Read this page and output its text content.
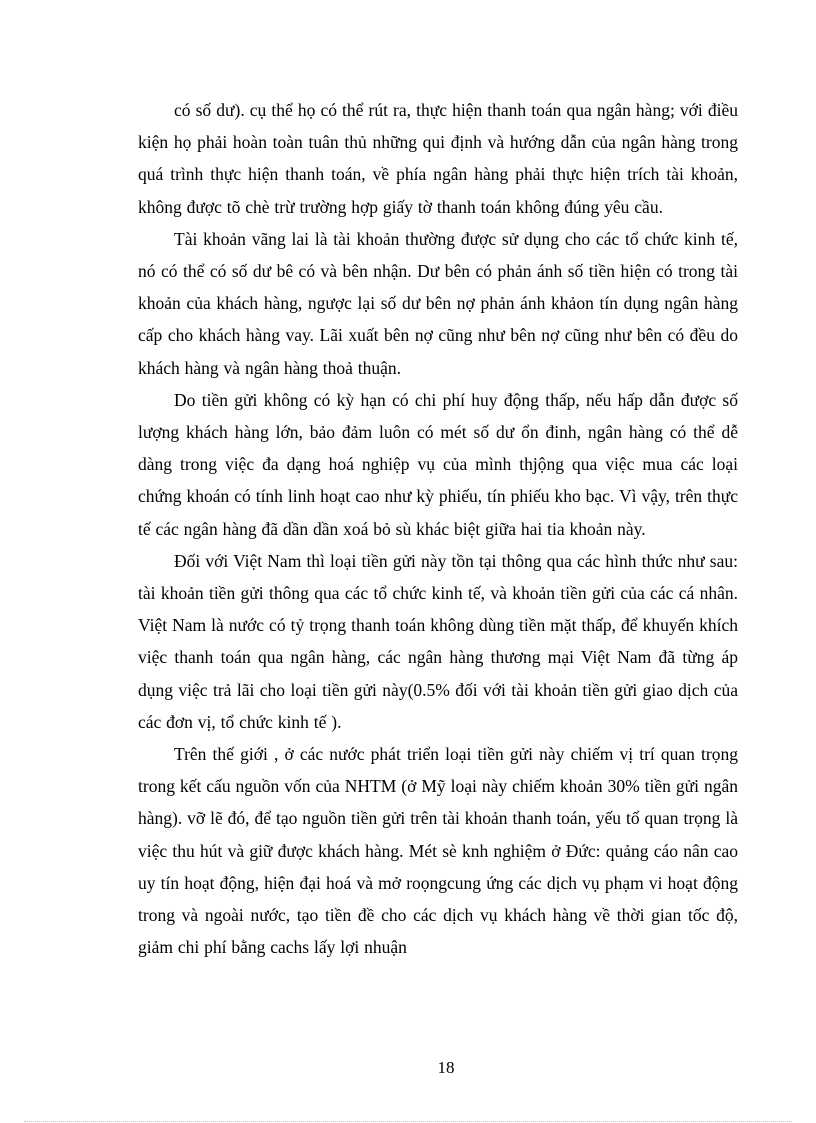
có số dư). cụ thể họ có thể rút ra, thực hiện thanh toán qua ngân hàng; với điều kiện họ phải hoàn toàn tuân thủ những qui định và hướng dẫn của ngân hàng trong quá trình thực hiện thanh toán, về phía ngân hàng phải thực hiện trích tài khoản, không được tõ chè trừ trường hợp giấy tờ thanh toán không đúng yêu cầu.

Tài khoản vãng lai là tài khoản thường được sử dụng cho các tổ chức kinh tế, nó có thể có số dư bê có và bên nhận. Dư bên có phản ánh số tiền hiện có trong tài khoản của khách hàng, ngược lại số dư bên nợ phản ánh khảon tín dụng ngân hàng cấp cho khách hàng vay. Lãi xuất bên nợ cũng như bên nợ cũng như bên có đều do khách hàng và ngân hàng thoả thuận.

Do tiền gửi không có kỳ hạn có chi phí huy động thấp, nếu hấp dẫn được số lượng khách hàng lớn, bảo đảm luôn có mét số dư ổn đinh, ngân hàng có thể dễ dàng trong việc đa dạng hoá nghiệp vụ của mình thjộng qua việc mua các loại chứng khoán có tính linh hoạt cao như kỳ phiếu, tín phiếu kho bạc. Vì vậy, trên thực tế các ngân hàng đã dần dần xoá bỏ sù khác biệt giữa hai tia khoản này.

Đối với Việt Nam thì loại tiền gửi này tồn tại thông qua các hình thức như sau: tài khoản tiền gửi thông qua các tổ chức kinh tế, và khoản tiền gửi của các cá nhân. Việt Nam là nước có tỷ trọng thanh toán không dùng tiền mặt thấp, để khuyến khích việc thanh toán qua ngân hàng, các ngân hàng thương mại Việt Nam đã từng áp dụng việc trả lãi cho loại tiền gửi này(0.5% đối với tài khoản tiền gửi giao dịch của các đơn vị, tổ chức kinh tế ).

Trên thế giới , ở các nước phát triển loại tiền gửi này chiếm vị trí quan trọng trong kết cấu nguồn vốn của NHTM (ở Mỹ loại này chiếm khoản 30% tiền gửi ngân hàng). vỡ lẽ đó, để tạo nguồn tiền gửi trên tài khoản thanh toán, yếu tố quan trọng là việc thu hút và giữ được khách hàng. Mét sè knh nghiệm ở Đức: quảng cáo nân cao uy tín hoạt động, hiện đại hoá và mở roọngcung ứng các dịch vụ phạm vi hoạt động trong và ngoài nước, tạo tiền đề cho các dịch vụ khách hàng về thời gian tốc độ, giảm chi phí bằng cachs lấy lợi nhuận

18
